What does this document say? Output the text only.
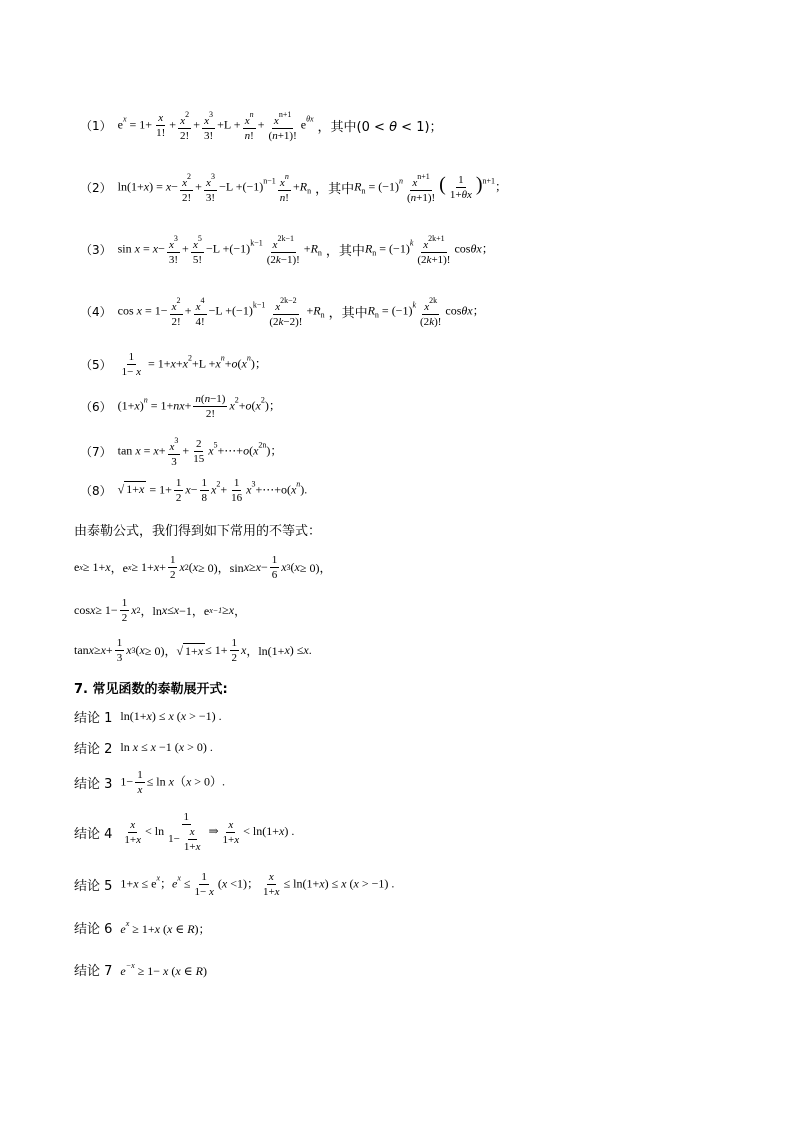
（1） $e^x = 1+ \frac{x}{1!} + \frac{x^2}{2!} + \frac{x^3}{3!} +L + \frac{x^n}{n!} + \frac{x^{n+1}}{(n+1)!} e^{\theta x}$
，其中(0 < θ < 1)；
（2） $\ln(1+x) = x- \frac{x^2}{2!} + \frac{x^3}{3!} -L +(-1)^{n-1} \frac{x^n}{n!} +R_n$ ，其中 $R_n = (-1)^n \frac{x^{n+1}}{(n+1)!}$ ( $\frac{1}{1+\theta x} )^{n+1}$；
（3） $\sin x = x- \frac{x^3}{3!} + \frac{x^5}{5!} -L +(-1)^{k-1} \frac{x^{2k-1}}{(2k-1)!} +R_n$ ，其中 $R_n = (-1)^k \frac{x^{2k+1}}{(2k+1)!}$ cosθx；
（4） $\cos x = 1- \frac{x^2}{2!} + \frac{x^4}{4!} -L +(-1)^{k-1} \frac{x^{2k-2}}{(2k-2)!} +R_n$ ，其中 $R_n = (-1)^k \frac{x^{2k}}{(2k)!}$ cosθx；
$(5) \frac{1}{1- x} = 1+x+x^2+L +x^n+o(x^n)$；
（6） $(1+x)^n = 1+nx+ \frac{n(n-1)}{2!} x^2+o(x^2)$；
（7） $\tan x = x+ \frac{x^3}{3} + \frac{2}{15}$ $x^5+\cdots+o(x^{2n})$；
（8） √ $1+x = 1+ \frac{1}{2} x- \frac{1}{8} x^2+ \frac{1}{16}$ $x^3+\cdots+o(x^n)$.
由泰勒公式，我们得到如下常用的不等式：
e x ≥ 1+ x ，e $x \ge 1+ x + \frac{1}{2}$ x 2 ( x ≥ 0)，$\sin x \ge x - \frac{1}{6}$ x 3 ( x ≥ 0)，
$\cos x \ge 1- \frac{1}{2}$ x 2 ，ln x ≤ x −1，e x−1 ≥ x ，
$\tan x \ge x + \frac{1}{3}$ x 3 ( x ≥ 0)，√ $1+x \le 1+ \frac{1}{2}$ x ，ln(1+ x ) ≤ x .
7. 常见函数的泰勒展开式:
结论 1 ln(1+x) ≤ x (x > −1) .
结论 2 ln x ≤ x −1 (x > 0) .
结论 3 $1- \frac{1}{x} \le \ln x(x > 0)$.
结论 $4 \frac{x}{1+x} < \ln \frac{1}{1- \frac{x}{1+x}}$ ⇒ $\frac{x}{1+x} < \ln(1+x)$ .
结论 5 $1+x \le e^x$；$e^x \le \frac{1}{1- x} (x <1)$； $\frac{x}{1+x} \le \ln(1+x) \le x$ (x > −1) .
结论 6 $e^x \ge 1+x$ (x ∈ R)；
结论 7 $e^{-x} \ge 1- x$ (x ∈ R)
